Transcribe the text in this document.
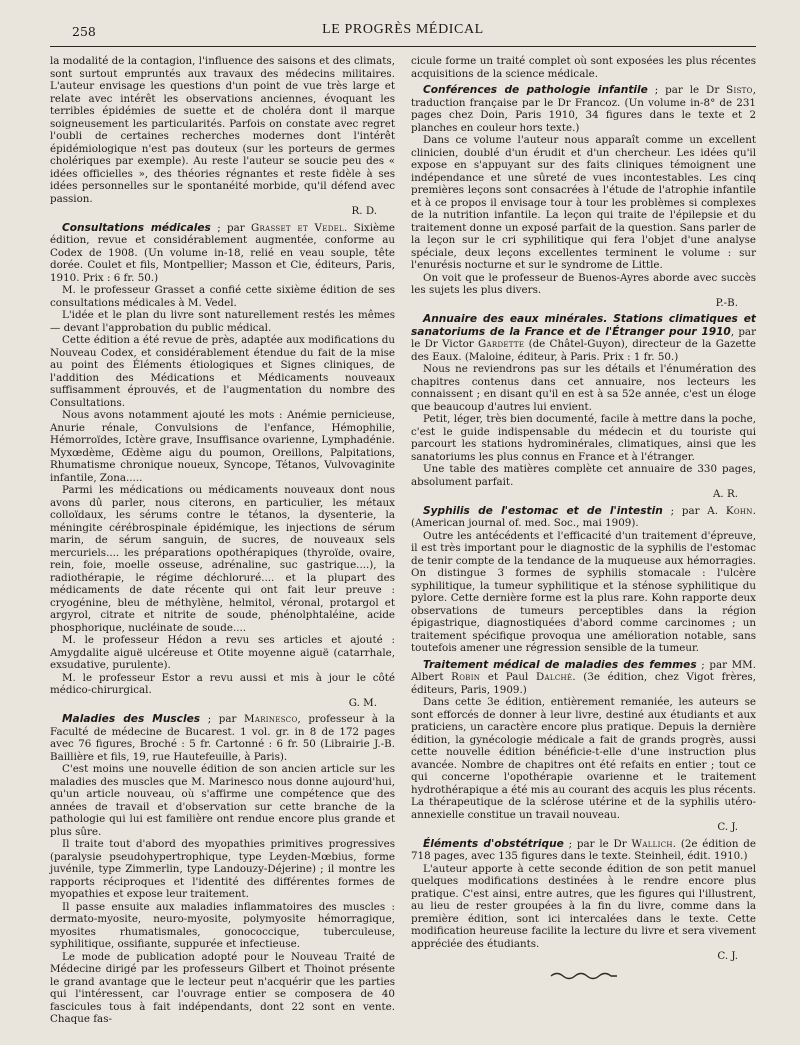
258	LE PROGRÈS MÉDICAL

la modalité de la contagion, l'influence des saisons et des climats, sont surtout empruntés aux travaux des médecins militaires. L'auteur envisage les questions d'un point de vue très large et relate avec intérêt les observations anciennes, évoquant les terribles épidémies de suette et de choléra dont il marque soigneusement les particularités. Parfois on constate avec regret l'oubli de certaines recherches modernes dont l'intérêt épidémiologique n'est pas douteux (sur les porteurs de germes cholériques par exemple). Au reste l'auteur se soucie peu des « idées officielles », des théories régnantes et reste fidèle à ses idées personnelles sur le spontanéité morbide, qu'il défend avec passion.
R. D.

Consultations médicales ; par Grasset et Vedel. Sixième édition, revue et considérablement augmentée, conforme au Codex de 1908. (Un volume in-18, relié en veau souple, tête dorée. Coulet et fils, Montpellier; Masson et Cie, éditeurs, Paris, 1910. Prix : 6 fr. 50.)

M. le professeur Grasset a confié cette sixième édition de ses consultations médicales à M. Vedel.

L'idée et le plan du livre sont naturellement restés les mêmes — devant l'approbation du public médical.

Cette édition a été revue de près, adaptée aux modifications du Nouveau Codex, et considérablement étendue du fait de la mise au point des Éléments étiologiques et Signes cliniques, de l'addition des Médications et Médicaments nouveaux suffisamment éprouvés, et de l'augmentation du nombre des Consultations.

Nous avons notamment ajouté les mots : Anémie pernicieuse, Anurie rénale, Convulsions de l'enfance, Hémophilie, Hémorroïdes, Ictère grave, Insuffisance ovarienne, Lymphadénie. Myxœdème, Œdème aigu du poumon, Oreillons, Palpitations, Rhumatisme chronique noueux, Syncope, Tétanos, Vulvovaginite infantile, Zona.....

Parmi les médications ou médicaments nouveaux dont nous avons dû parler, nous citerons, en particulier, les métaux colloïdaux, les sérums contre le tétanos, la dysenterie, la méningite cérébrospinale épidémique, les injections de sérum marin, de sérum sanguin, de sucres, de nouveaux sels mercuriels.... les préparations opothérapiques (thyroïde, ovaire, rein, foie, moelle osseuse, adrénaline, suc gastrique....), la radiothérapie, le régime déchloruré.... et la plupart des médicaments de date récente qui ont fait leur preuve : cryogénine, bleu de méthylène, helmitol, véronal, protargol et argyrol, citrate et nitrite de soude, phénolphtaléine, acide phosphorique, nucléinate de soude....

M. le professeur Hédon a revu ses articles et ajouté : Amygdalite aiguë ulcéreuse et Otite moyenne aiguë (catarrhale, exsudative, purulente).

M. le professeur Estor a revu aussi et mis à jour le côté médico-chirurgical.
G. M.

Maladies des Muscles ; par Marinesco, professeur à la Faculté de médecine de Bucarest. 1 vol. gr. in 8 de 172 pages avec 76 figures, Broché : 5 fr. Cartonné : 6 fr. 50 (Librairie J.-B. Baillière et fils, 19, rue Hautefeuille, à Paris).

C'est moins une nouvelle édition de son ancien article sur les maladies des muscles que M. Marinesco nous donne aujourd'hui, qu'un article nouveau, où s'affirme une compétence que des années de travail et d'observation sur cette branche de la pathologie qui lui est familière ont rendue encore plus grande et plus sûre.

Il traite tout d'abord des myopathies primitives progressives (paralysie pseudohypertrophique, type Leyden-Mœbius, forme juvénile, type Zimmerlin, type Landouzy-Déjerine) ; il montre les rapports réciproques et l'identité des différentes formes de myopathies et expose leur traitement.

Il passe ensuite aux maladies inflammatoires des muscles : dermato-myosite, neuro-myosite, polymyosite hémorragique, myosites rhumatismales, gonococcique, tuberculeuse, syphilitique, ossifiante, suppurée et infectieuse.

Le mode de publication adopté pour le Nouveau Traité de Médecine dirigé par les professeurs Gilbert et Thoinot présente le grand avantage que le lecteur peut n'acquérir que les parties qui l'intéressent, car l'ouvrage entier se composera de 40 fascicules tous à fait indépendants, dont 22 sont en vente. Chaque fas-

cicule forme un traité complet où sont exposées les plus récentes acquisitions de la science médicale.

Conférences de pathologie infantile ; par le Dr Sisto, traduction française par le Dr Francoz. (Un volume in-8° de 231 pages chez Doin, Paris 1910, 34 figures dans le texte et 2 planches en couleur hors texte.)

Dans ce volume l'auteur nous apparaît comme un excellent clinicien, doublé d'un érudit et d'un chercheur. Les idées qu'il expose en s'appuyant sur des faits cliniques témoignent une indépendance et une sûreté de vues incontestables. Les cinq premières leçons sont consacrées à l'étude de l'atrophie infantile et à ce propos il envisage tour à tour les problèmes si complexes de la nutrition infantile. La leçon qui traite de l'épilepsie et du traitement donne un exposé parfait de la question. Sans parler de la leçon sur le cri syphilitique qui fera l'objet d'une analyse spéciale, deux leçons excellentes terminent le volume : sur l'enurésis nocturne et sur le syndrome de Little.

On voit que le professeur de Buenos-Ayres aborde avec succès les sujets les plus divers.
P.-B.

Annuaire des eaux minérales. Stations climatiques et sanatoriums de la France et de l'Étranger pour 1910, par le Dr Victor Gardette (de Châtel-Guyon), directeur de la Gazette des Eaux. (Maloine, éditeur, à Paris. Prix : 1 fr. 50.)

Nous ne reviendrons pas sur les détails et l'énumération des chapitres contenus dans cet annuaire, nos lecteurs les connaissent ; en disant qu'il en est à sa 52e année, c'est un éloge que beaucoup d'autres lui envient.

Petit, léger, très bien documenté, facile à mettre dans la poche, c'est le guide indispensable du médecin et du touriste qui parcourt les stations hydrominérales, climatiques, ainsi que les sanatoriums les plus connus en France et à l'étranger.

Une table des matières complète cet annuaire de 330 pages, absolument parfait.
A. R.

Syphilis de l'estomac et de l'intestin ; par A. Kohn. (American journal of. med. Soc., mai 1909).

Outre les antécédents et l'efficacité d'un traitement d'épreuve, il est très important pour le diagnostic de la syphilis de l'estomac de tenir compte de la tendance de la muqueuse aux hémorragies. On distingue 3 formes de syphilis stomacale : l'ulcère syphilitique, la tumeur syphilitique et la sténose syphilitique du pylore. Cette dernière forme est la plus rare. Kohn rapporte deux observations de tumeurs perceptibles dans la région épigastrique, diagnostiquées d'abord comme carcinomes ; un traitement spécifique provoqua une amélioration notable, sans toutefois amener une régression sensible de la tumeur.

Traitement médical de maladies des femmes ; par MM. Albert Robin et Paul Dalché. (3e édition, chez Vigot frères, éditeurs, Paris, 1909.)

Dans cette 3e édition, entièrement remaniée, les auteurs se sont efforcés de donner à leur livre, destiné aux étudiants et aux praticiens, un caractère encore plus pratique. Depuis la dernière édition, la gynécologie médicale a fait de grands progrès, aussi cette nouvelle édition bénéficie-t-elle d'une instruction plus avancée. Nombre de chapitres ont été refaits en entier ; tout ce qui concerne l'opothérapie ovarienne et le traitement hydrothérapique a été mis au courant des acquis les plus récents. La thérapeutique de la sclérose utérine et de la syphilis utéro-annexielle constitue un travail nouveau.
C. J.

Éléments d'obstétrique ; par le Dr Wallich. (2e édition de 718 pages, avec 135 figures dans le texte. Steinheil, édit. 1910.)

L'auteur apporte à cette seconde édition de son petit manuel quelques modifications destinées à le rendre encore plus pratique. C'est ainsi, entre autres, que les figures qui l'illustrent, au lieu de rester groupées à la fin du livre, comme dans la première édition, sont ici intercalées dans le texte. Cette modification heureuse facilite la lecture du livre et sera vivement appréciée des étudiants.
C. J.
